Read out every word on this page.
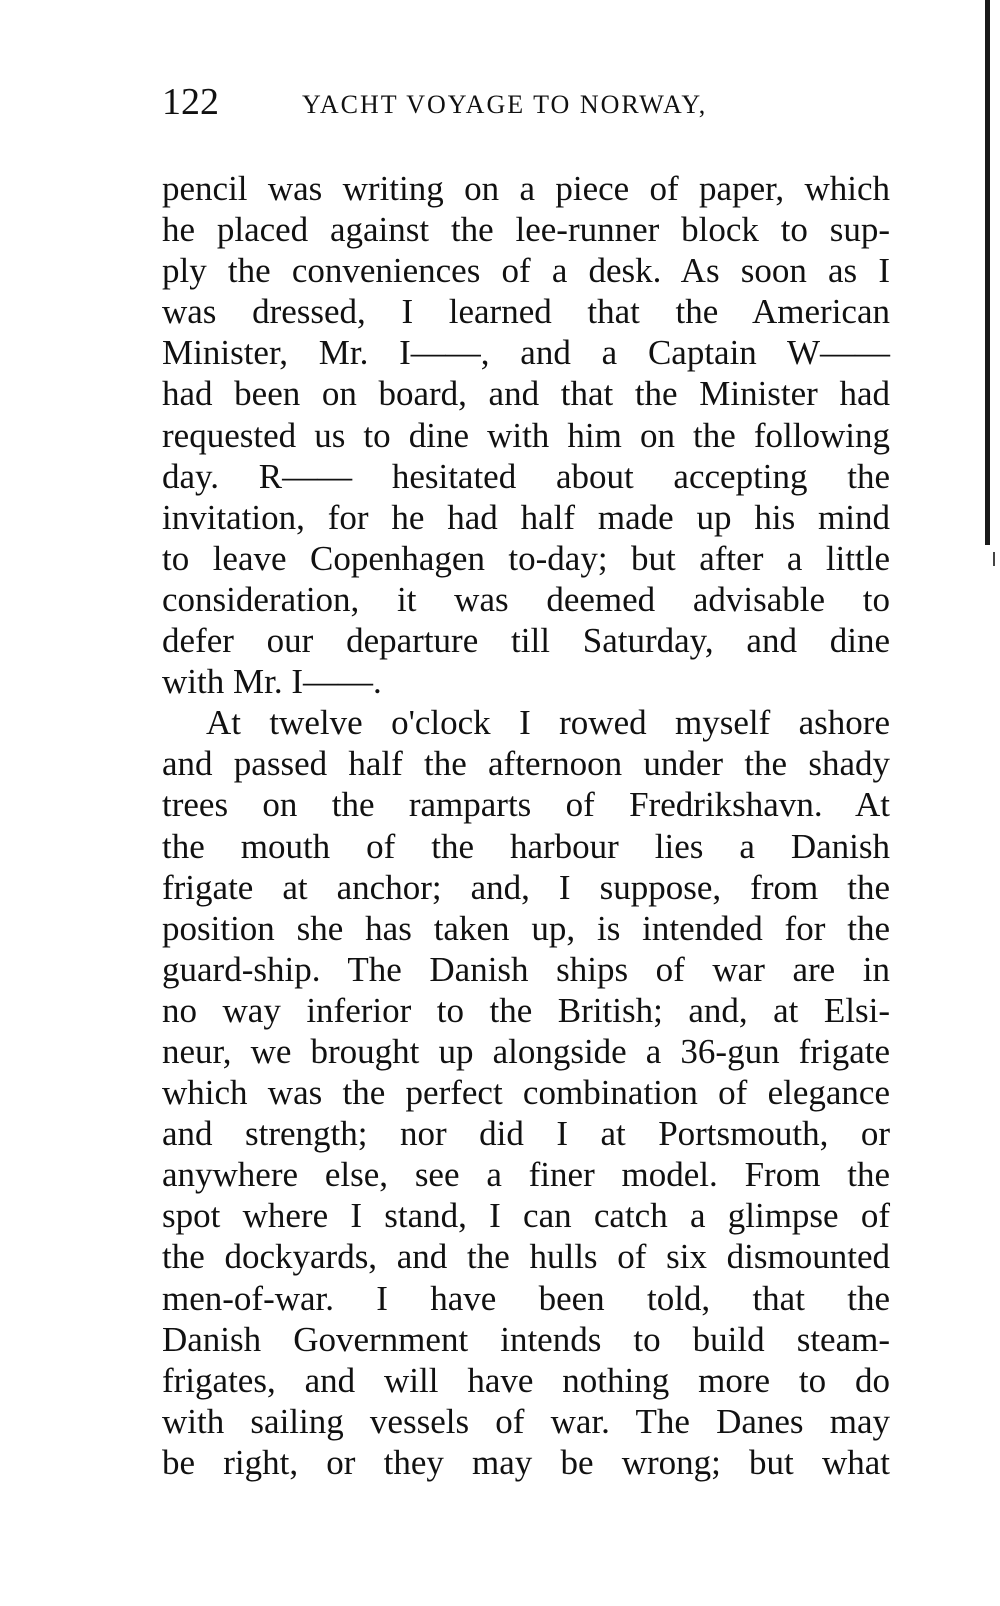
122	YACHT VOYAGE TO NORWAY,
pencil was writing on a piece of paper, which
he placed against the lee-runner block to sup-
ply the conveniences of a desk. As soon as I
was dressed, I learned that the American
Minister, Mr. I——, and a Captain W——
had been on board, and that the Minister had
requested us to dine with him on the following
day. R—— hesitated about accepting the
invitation, for he had half made up his mind
to leave Copenhagen to-day; but after a little
consideration, it was deemed advisable to
defer our departure till Saturday, and dine
with Mr. I——.
At twelve o'clock I rowed myself ashore
and passed half the afternoon under the shady
trees on the ramparts of Fredrikshavn. At
the mouth of the harbour lies a Danish
frigate at anchor; and, I suppose, from the
position she has taken up, is intended for the
guard-ship. The Danish ships of war are in
no way inferior to the British; and, at Elsi-
neur, we brought up alongside a 36-gun frigate
which was the perfect combination of elegance
and strength; nor did I at Portsmouth, or
anywhere else, see a finer model. From the
spot where I stand, I can catch a glimpse of
the dockyards, and the hulls of six dismounted
men-of-war. I have been told, that the
Danish Government intends to build steam-
frigates, and will have nothing more to do
with sailing vessels of war. The Danes may
be right, or they may be wrong; but what
